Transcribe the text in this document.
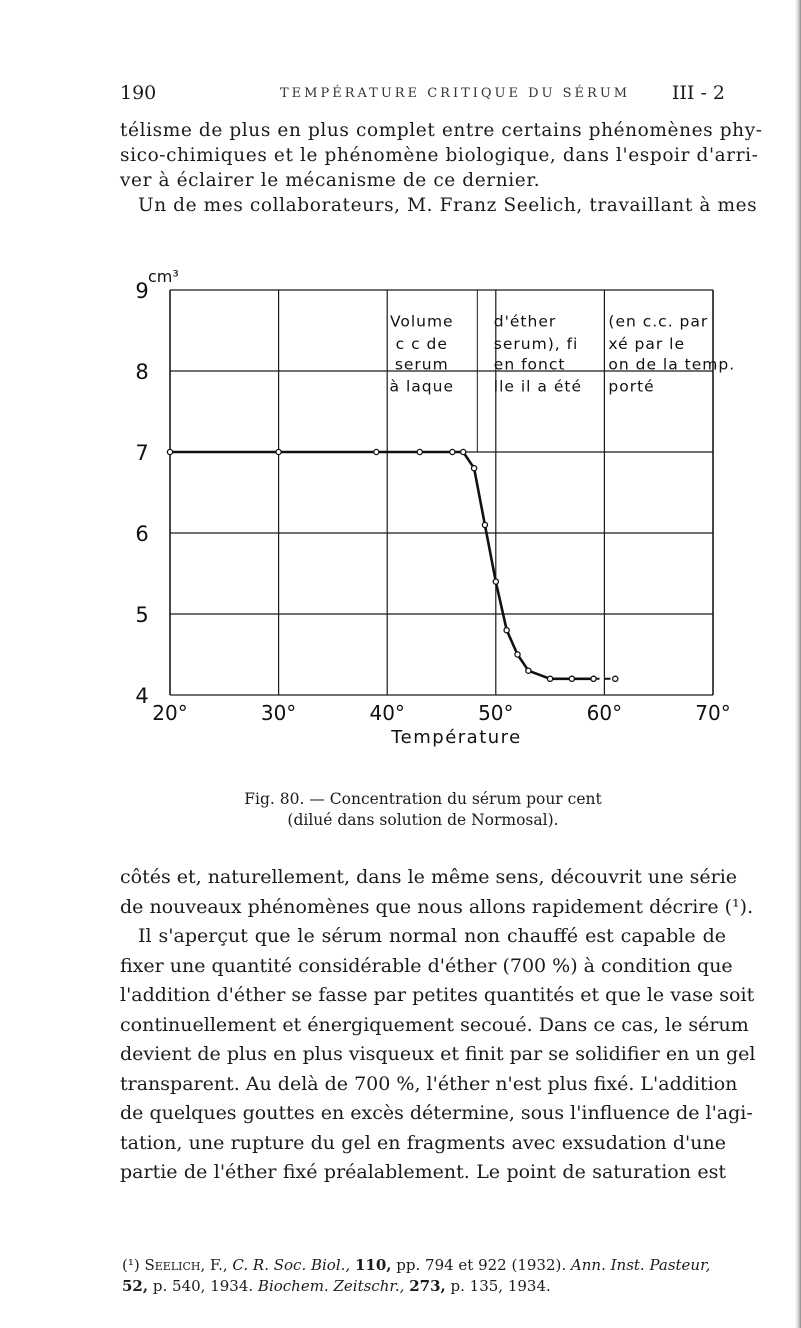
190	TEMPÉRATURE CRITIQUE DU SÉRUM III - 2
télisme de plus en plus complet entre certains phénomènes phy-
sico-chimiques et le phénomène biologique, dans l'espoir d'arri-
ver à éclairer le mécanisme de ce dernier.
Un de mes collaborateurs, M. Franz Seelich, travaillant à mes
4
5
6
7
8
9
cm³
20°	30°	40°	50°	60°	70°
Température
Volume	d'éther	(en c.c. par
c c de	serum), fi xé par le
serum	en fonct	on de la temp.
à laque	lle il a été porté
Fig. 80. — Concentration du sérum pour cent
(dilué dans solution de Normosal).
côtés et, naturellement, dans le même sens, découvrit une série
de nouveaux phénomènes que nous allons rapidement décrire (¹).
Il s'aperçut que le sérum normal non chauffé est capable de
fixer une quantité considérable d'éther (700 %) à condition que
l'addition d'éther se fasse par petites quantités et que le vase soit
continuellement et énergiquement secoué. Dans ce cas, le sérum
devient de plus en plus visqueux et finit par se solidifier en un gel
transparent. Au delà de 700 %, l'éther n'est plus fixé. L'addition
de quelques gouttes en excès détermine, sous l'influence de l'agi-
tation, une rupture du gel en fragments avec exsudation d'une
partie de l'éther fixé préalablement. Le point de saturation est
(¹) Seelich, F., C. R. Soc. Biol., 110, pp. 794 et 922 (1932). Ann. Inst. Pasteur, 52, p. 540, 1934. Biochem. Zeitschr., 273, p. 135, 1934.
